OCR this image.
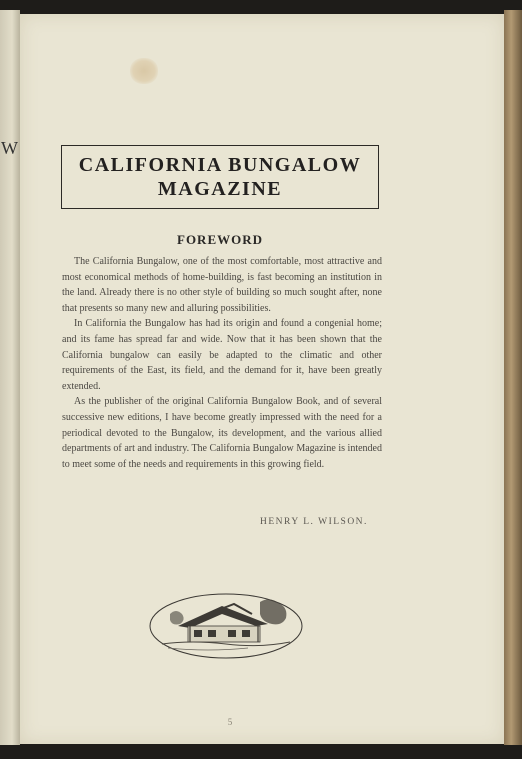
W
CALIFORNIA BUNGALOW
MAGAZINE
FOREWORD

The California Bungalow, one of the most comfortable, most attractive and most economical methods of home-building, is fast becoming an institution in the land. Already there is no other style of building so much sought after, none that presents so many new and alluring possibilities.

In California the Bungalow has had its origin and found a congenial home; and its fame has spread far and wide. Now that it has been shown that the California bungalow can easily be adapted to the climatic and other requirements of the East, its field, and the demand for it, have been greatly extended.

As the publisher of the original California Bungalow Book, and of several successive new editions, I have become greatly impressed with the need for a periodical devoted to the Bungalow, its development, and the various allied departments of art and industry. The California Bungalow Magazine is intended to meet some of the needs and requirements in this growing field.

HENRY L. WILSON.
5
